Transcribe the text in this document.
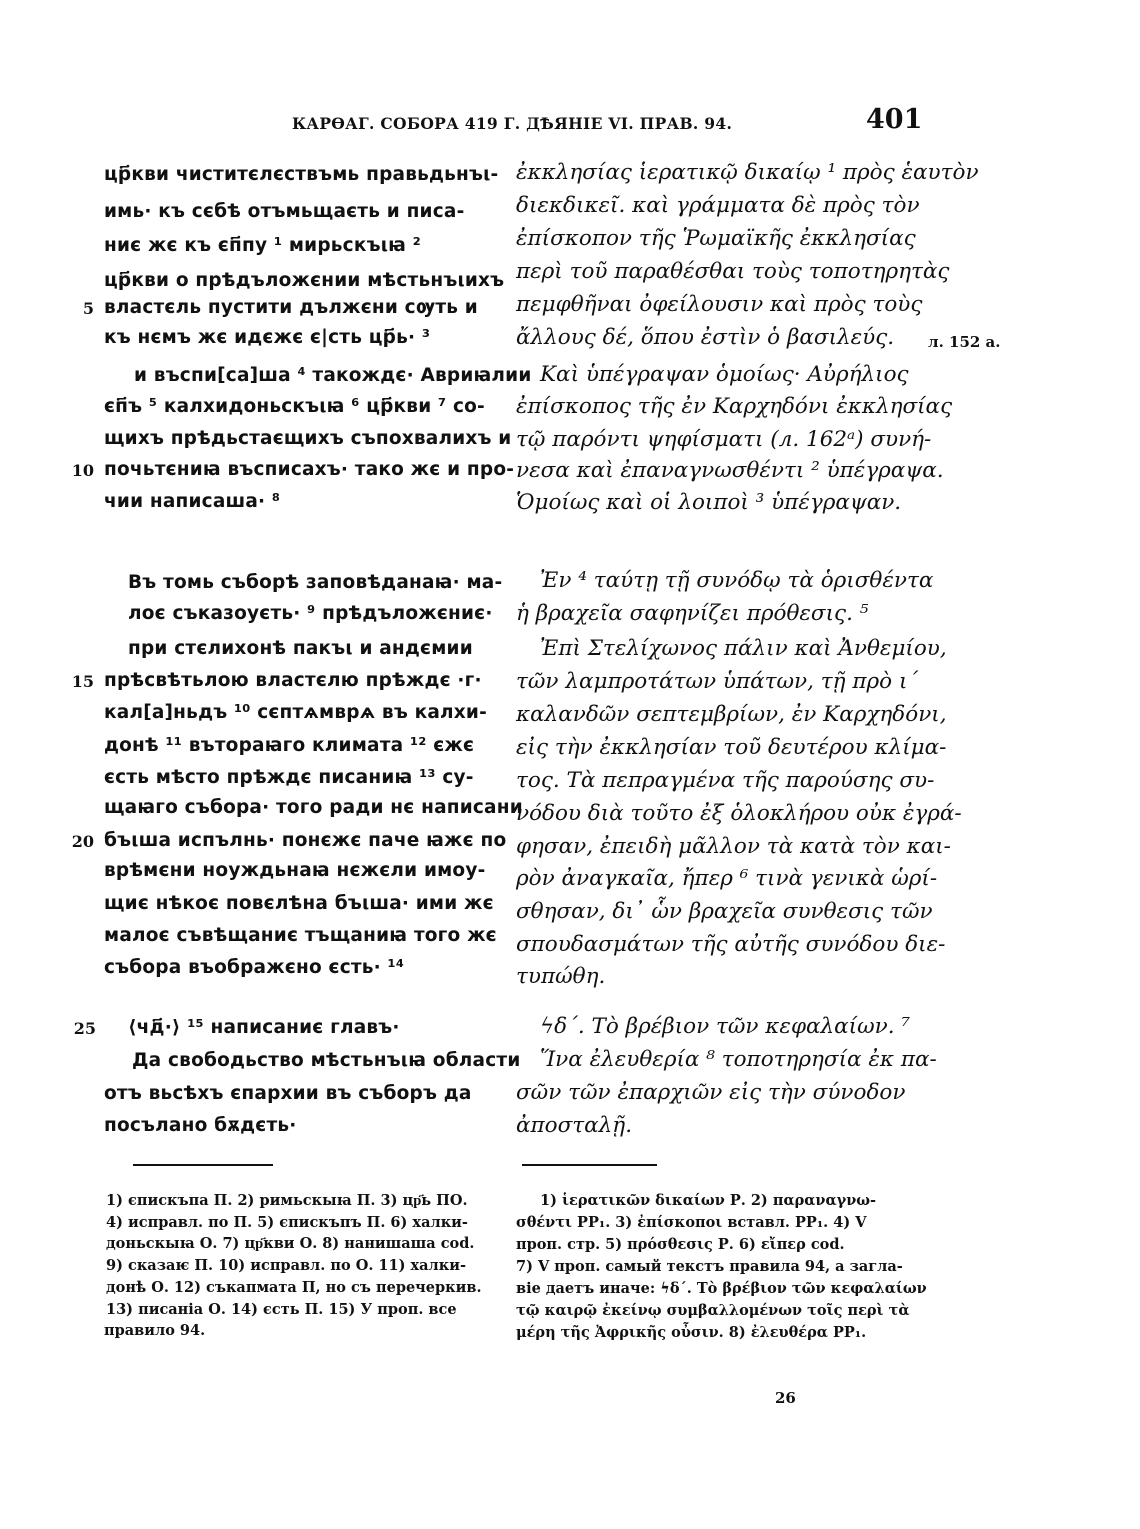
КАРѲАГ. СОБОРА 419 Г. ДѢЯНІЕ VI. ПРАВ. 94.	401
цр҃кви чиститєлєствъмь правьдьнъι-
имь· къ сєбѣ отъмьщаєть и писа-
ниє жє къ єп҃пу ¹ мирьскъιꙗ ²
цр҃кви о прѣдъложєнии мѣстьнъιихъ
властєль пустити дължєни сѹть и
5
къ нємъ жє идєжє є|сть цр҃ь· ³
и въспи[са]ша ⁴ такождє· Авриꙗлии
єп҃ъ ⁵ калхидоньскъιꙗ ⁶ цр҃кви ⁷ со-
щихъ прѣдьстаєщихъ съпохвалихъ и
почьтєниꙗ въсписахъ· тако жє и про-
10
чии написаша· ⁸
Въ томь съборѣ заповѣданаꙗ· ма-
лоє съказоуєть· ⁹ прѣдъложєниє·
при стєлихонѣ пакъι и андємии
прѣсвѣтьлою властєлю прѣждє ·г·
15
кал[а]ньдъ ¹⁰ сєптѧмврѧ въ калхи-
донѣ ¹¹ вътораꙗго климата ¹² єжє
єсть мѣсто прѣждє писаниꙗ ¹³ су-
щаꙗго събора· того ради нє написани
бъιша испълнь· понєжє паче ꙗжє по
20
врѣмєни ноуждьнаꙗ нєжєли имоу-
щиє нѣкоє повєлѣна бъιша· ими жє
малоє съвѣщаниє тъщаниꙗ того жє
събора въображєно єсть· ¹⁴
⟨чд҃·⟩ ¹⁵ написаниє главъ·
25
Да свободьство мѣстьнъιꙗ области
отъ вьсѣхъ єпархии въ съборъ да
посълано бѫдєть·
ἐκκλησίας ἱερατικῷ δικαίῳ ¹ πρὸς ἑαυτὸν
διεκδικεῖ. καὶ γράμματα δὲ πρὸς τὸν
ἐπίσκοπον τῆς Ῥωμαϊκῆς ἐκκλησίας
περὶ τοῦ παραθέσθαι τοὺς τοποτηρητὰς
πεμφθῆναι ὀφείλουσιν καὶ πρὸς τοὺς
ἄλλους δέ, ὅπου ἐστὶν ὁ βασιλεύς.
Καὶ ὑπέγραψαν ὁμοίως· Αὐρήλιος
ἐπίσκοπος τῆς ἐν Καρχηδόνι ἐκκλησίας
τῷ παρόντι ψηφίσματι (л. 162ᵃ) συνή-
νεσα καὶ ἐπαναγνωσθέντι ² ὑπέγραψα.
Ὁμοίως καὶ οἱ λοιποὶ ³ ὑπέγραψαν.
Ἐν ⁴ ταύτῃ τῇ συνόδῳ τὰ ὁρισθέντα
ἡ βραχεῖα σαφηνίζει πρόθεσις. ⁵
Ἐπὶ Στελίχωνος πάλιν καὶ Ἀνθεμίου,
τῶν λαμπροτάτων ὑπάτων, τῇ πρὸ ι´
καλανδῶν σεπτεμβρίων, ἐν Καρχηδόνι,
εἰς τὴν ἐκκλησίαν τοῦ δευτέρου κλίμα-
τος. Τὰ πεπραγμένα τῆς παρούσης συ-
νόδου διὰ τοῦτο ἐξ ὁλοκλήρου οὐκ ἐγρά-
φησαν, ἐπειδὴ μᾶλλον τὰ κατὰ τὸν και-
ρὸν ἀναγκαῖα, ἤπερ ⁶ τινὰ γενικὰ ὡρί-
σθησαν, δι᾽ ὧν βραχεῖα συνθεσις τῶν
σπουδασμάτων τῆς αὐτῆς συνόδου διε-
τυπώθη.
ϟδ´. Τὸ βρέβιον τῶν κεφαλαίων. ⁷
Ἵνα ἐλευθερία ⁸ τοποτηρησία ἐκ πα-
σῶν τῶν ἐπαρχιῶν εἰς τὴν σύνοδον
ἀποσταλῇ.
л. 152 а.
1) єпискъпа П. 2) римьскыꙗ П. 3) цр҃ь ПО.
4) исправл. по П. 5) єпискъпъ П. 6) халки-
доньскыꙗ О. 7) цр҃кви О. 8) нанишаша cod.
9) сказаѥ П. 10) исправл. по О. 11) халки-
донѣ О. 12) съкапмата П, но съ перечеркив.
13) писаніа О. 14) єсть П. 15) У проп. все
правило 94.
1) ἱερατικῶν δικαίων Р. 2) παραναγνω-
σθέντι PP₁. 3) ἐπίσκοποι вставл. PP₁. 4) V
проп. стр. 5) πρόσθεσις Р. 6) εἴπερ cod.
7) V проп. самый текстъ правила 94, а загла-
віе даетъ иначе: ϟδ´. Τὸ βρέβιον τῶν κεφαλαίων
τῷ καιρῷ ἐκείνῳ συμβαλλομένων τοῖς περὶ τὰ
μέρη τῆς Ἀφρικῆς οὖσιν. 8) ἐλευθέρα PP₁.
26
